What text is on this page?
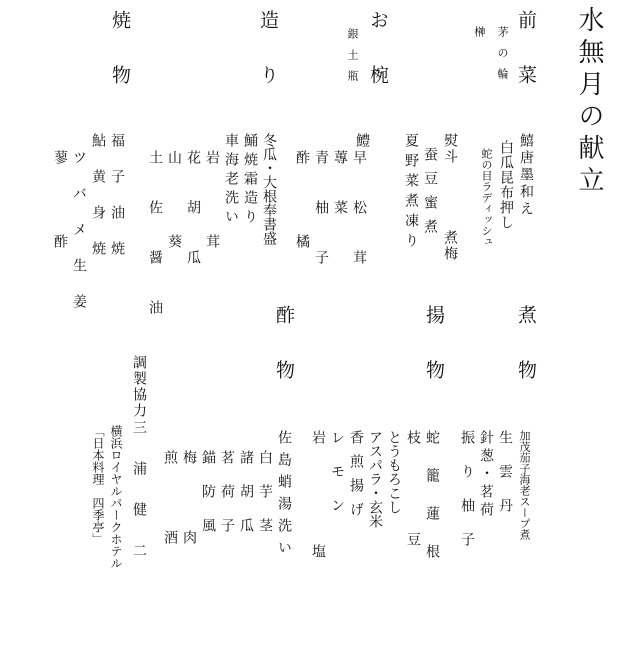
水無月の献立
前菜
茅の輪
榊
お椀
銀土瓶
造り
焼物
鱚唐墨和え
白瓜昆布押し
蛇の目ラディッシュ
熨斗
煮梅
蚕豆蜜煮
夏野菜煮凍り
鱧
早松茸
蓴菜
青柚子
酢橘
冬瓜・大根奉書盛
鯒焼霜造り
車海老洗い
岩茸
花胡瓜
山葵
土佐醤油
福子油焼
鮎黄身焼
ツバメ生姜
蓼酢
煮物
揚物
酢物
調製協力
加茂茄子海老スープ煮
生雲丹
針葱・茗荷
振り柚子
蛇籠蓮根
枝豆
とうもろこし
アスパラ・玄米
香煎揚げ
レモン
岩塩
佐島蛸湯洗い
白芋茎
諸胡瓜
茗荷子
錨防風
梅肉
煎酒
三浦健二
横浜ロイヤルパークホテル
「日本料理　四季亭」
